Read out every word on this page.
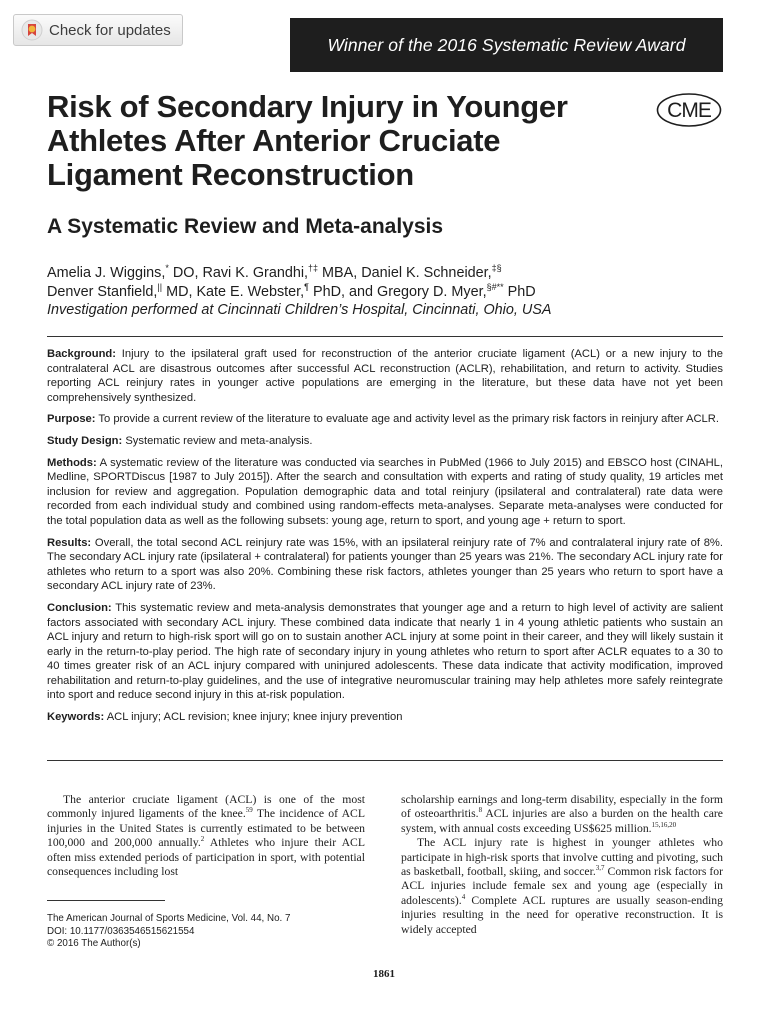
Check for updates
Winner of the 2016 Systematic Review Award
Risk of Secondary Injury in Younger
Athletes After Anterior Cruciate
Ligament Reconstruction
CME
A Systematic Review and Meta-analysis
Amelia J. Wiggins,* DO, Ravi K. Grandhi,†‡ MBA, Daniel K. Schneider,‡§
Denver Stanfield,|| MD, Kate E. Webster,¶ PhD, and Gregory D. Myer,§#** PhD
Investigation performed at Cincinnati Children’s Hospital, Cincinnati, Ohio, USA

Background: Injury to the ipsilateral graft used for reconstruction of the anterior cruciate ligament (ACL) or a new injury to the contralateral ACL are disastrous outcomes after successful ACL reconstruction (ACLR), rehabilitation, and return to activity. Studies reporting ACL reinjury rates in younger active populations are emerging in the literature, but these data have not yet been comprehensively synthesized.

Purpose: To provide a current review of the literature to evaluate age and activity level as the primary risk factors in reinjury after ACLR.

Study Design: Systematic review and meta-analysis.

Methods: A systematic review of the literature was conducted via searches in PubMed (1966 to July 2015) and EBSCO host (CINAHL, Medline, SPORTDiscus [1987 to July 2015]). After the search and consultation with experts and rating of study quality, 19 articles met inclusion for review and aggregation. Population demographic data and total reinjury (ipsilateral and contralateral) rate data were recorded from each individual study and combined using random-effects meta-analyses. Separate meta-analyses were conducted for the total population data as well as the following subsets: young age, return to sport, and young age + return to sport.

Results: Overall, the total second ACL reinjury rate was 15%, with an ipsilateral reinjury rate of 7% and contralateral injury rate of 8%. The secondary ACL injury rate (ipsilateral + contralateral) for patients younger than 25 years was 21%. The secondary ACL injury rate for athletes who return to a sport was also 20%. Combining these risk factors, athletes younger than 25 years who return to sport have a secondary ACL injury rate of 23%.

Conclusion: This systematic review and meta-analysis demonstrates that younger age and a return to high level of activity are salient factors associated with secondary ACL injury. These combined data indicate that nearly 1 in 4 young athletic patients who sustain an ACL injury and return to high-risk sport will go on to sustain another ACL injury at some point in their career, and they will likely sustain it early in the return-to-play period. The high rate of secondary injury in young athletes who return to sport after ACLR equates to a 30 to 40 times greater risk of an ACL injury compared with uninjured adolescents. These data indicate that activity modification, improved rehabilitation and return-to-play guidelines, and the use of integrative neuromuscular training may help athletes more safely reintegrate into sport and reduce second injury in this at-risk population.

Keywords: ACL injury; ACL revision; knee injury; knee injury prevention

The anterior cruciate ligament (ACL) is one of the most commonly injured ligaments of the knee.$^{59}$ The incidence of ACL injuries in the United States is currently estimated to be between 100,000 and 200,000 annually.$^2$ Athletes who injure their ACL often miss extended periods of participation in sport, with potential consequences including lost

scholarship earnings and long-term disability, especially in the form of osteoarthritis.$^8$ ACL injuries are also a burden on the health care system, with annual costs exceeding US$625 million.$^{15,16,20}$

The ACL injury rate is highest in younger athletes who participate in high-risk sports that involve cutting and pivoting, such as basketball, football, skiing, and soccer.$^{3,7}$ Common risk factors for ACL injuries include female sex and young age (especially in adolescents).$^4$ Complete ACL ruptures are usually season-ending injuries resulting in the need for operative reconstruction. It is widely accepted

The American Journal of Sports Medicine, Vol. 44, No. 7
DOI: 10.1177/0363546515621554
© 2016 The Author(s)
1861
